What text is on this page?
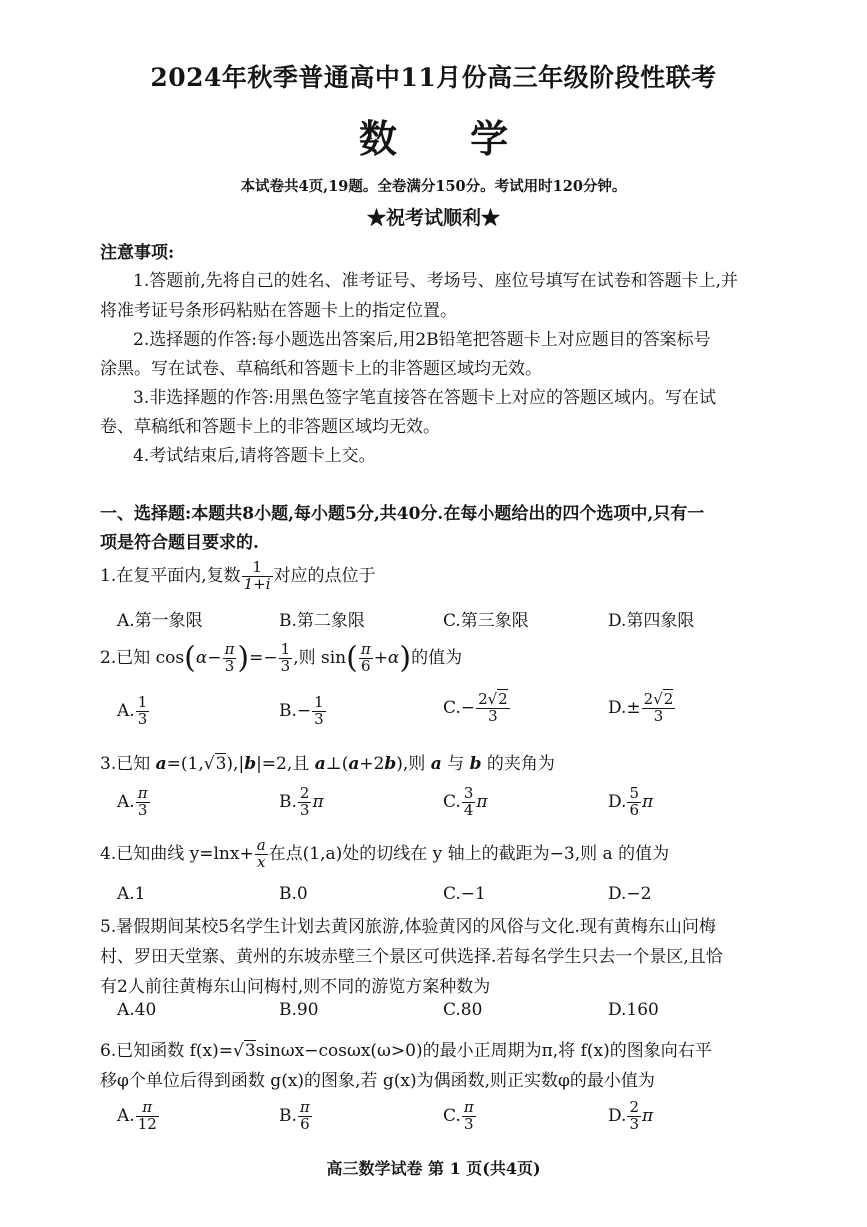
2024年秋季普通高中11月份高三年级阶段性联考
数 学
本试卷共4页,19题。全卷满分150分。考试用时120分钟。
★祝考试顺利★
注意事项:
1.答题前,先将自己的姓名、准考证号、考场号、座位号填写在试卷和答题卡上,并
将准考证号条形码粘贴在答题卡上的指定位置。
2.选择题的作答:每小题选出答案后,用2B铅笔把答题卡上对应题目的答案标号
涂黑。写在试卷、草稿纸和答题卡上的非答题区域均无效。
3.非选择题的作答:用黑色签字笔直接答在答题卡上对应的答题区域内。写在试
卷、草稿纸和答题卡上的非答题区域均无效。
4.考试结束后,请将答题卡上交。
一、选择题:本题共8小题,每小题5分,共40分.在每小题给出的四个选项中,只有一
项是符合题目要求的.
1.在复平面内,复数 $\frac{1}{1+i}$ 对应的点位于
A.第一象限	B.第二象限	C.第三象限	D.第四象限
2.已知 $\cos(\alpha- \frac{\pi}{3}$ )=− $\frac{1}{3}$ ,则 $\sin( \frac{\pi}{6} +\alpha)$的值为
A. $\frac{1}{3}$	$B.- \frac{1}{3}$	$C.- \frac{2√2}{3}$	$D.\pm \frac{2√2}{3}$
3.已知 a=(1,√3),|b|=2,且 a⊥(a+2b),则 a 与 b 的夹角为
A. $\frac{\pi}{3}$	B. $\frac{2}{3}$ π	C. $\frac{3}{4}$ π	D. $\frac{5}{6}$ π
4.已知曲线 $y=\ln x+ \frac{a}{x}$ 在点(1,a)处的切线在 y 轴上的截距为−3,则 a 的值为
A.1	B.0	C.−1	D.−2
5.暑假期间某校5名学生计划去黄冈旅游,体验黄冈的风俗与文化.现有黄梅东山问梅
村、罗田天堂寨、黄州的东坡赤壁三个景区可供选择.若每名学生只去一个景区,且恰
有2人前往黄梅东山问梅村,则不同的游览方案种数为
A.40	B.90	C.80	D.160
6.已知函数 f(x)=√3sinωx−cosωx(ω>0)的最小正周期为π,将 f(x)的图象向右平
移φ个单位后得到函数 g(x)的图象,若 g(x)为偶函数,则正实数φ的最小值为
A. $\frac{\pi}{12}$	B. $\frac{\pi}{6}$	C. $\frac{\pi}{3}$	D. $\frac{2}{3}$ π
高三数学试卷 第 1 页(共4页)
